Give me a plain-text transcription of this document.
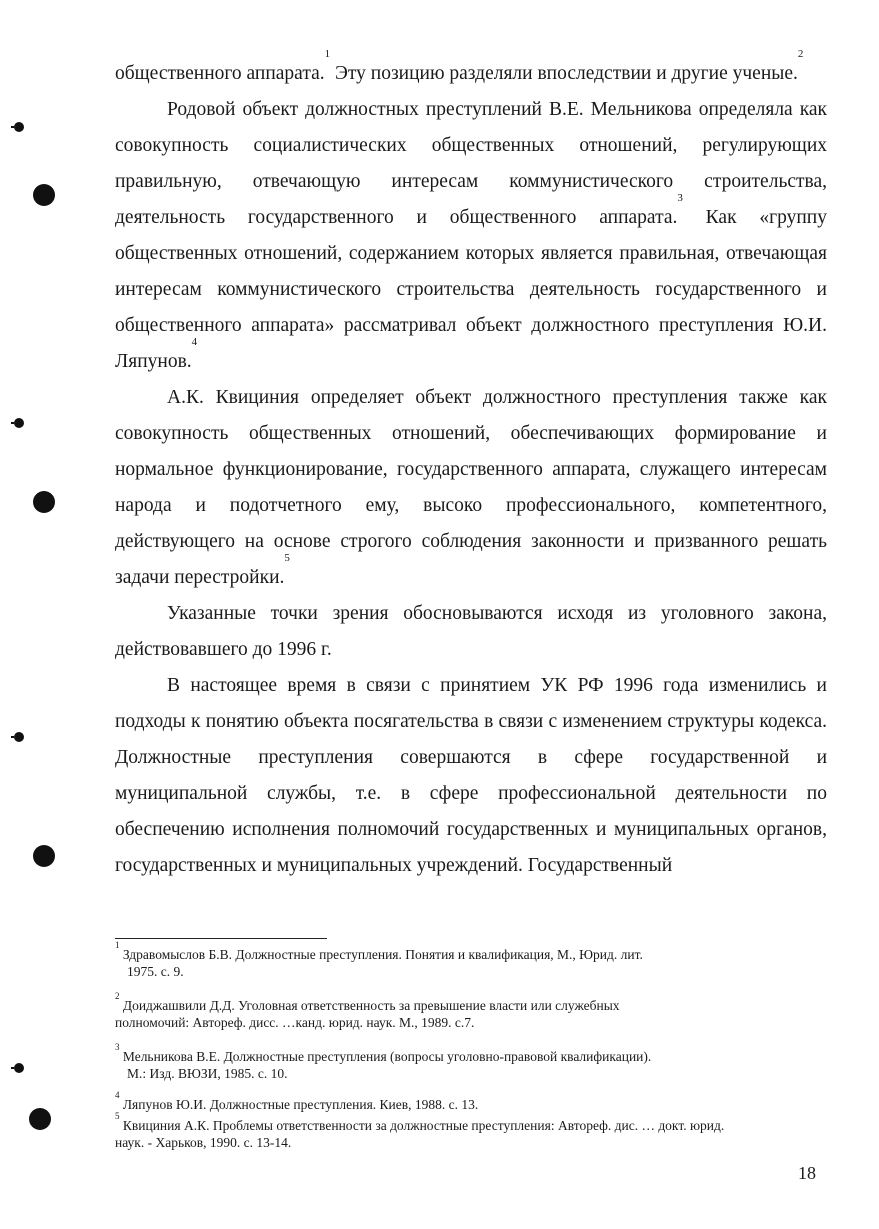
общественного аппарата.$^1$ Эту позицию разделяли впоследствии и другие ученые.$^2$

Родовой объект должностных преступлений В.Е. Мельникова определяла как совокупность социалистических общественных отношений, регулирующих правильную, отвечающую интересам коммунистического строительства, деятельность государственного и общественного аппарата.$^3$ Как «группу общественных отношений, содержанием которых является правильная, отвечающая интересам коммунистического строительства деятельность государственного и общественного аппарата» рассматривал объект должностного преступления Ю.И. Ляпунов.$^4$

А.К. Квициния определяет объект должностного преступления также как совокупность общественных отношений, обеспечивающих формирование и нормальное функционирование, государственного аппарата, служащего интересам народа и подотчетного ему, высоко профессионального, компетентного, действующего на основе строгого соблюдения законности и призванного решать задачи перестройки.$^5$

Указанные точки зрения обосновываются исходя из уголовного закона, действовавшего до 1996 г.

В настоящее время в связи с принятием УК РФ 1996 года изменились и подходы к понятию объекта посягательства в связи с изменением структуры кодекса. Должностные преступления совершаются в сфере государственной и муниципальной службы, т.е. в сфере профессиональной деятельности по обеспечению исполнения полномочий государственных и муниципальных органов, государственных и муниципальных учреждений. Государственный

$^1$ Здравомыслов Б.В. Должностные преступления. Понятия и квалификация, М., Юрид. лит.
1975. с. 9.

$^2$ Доиджашвили Д.Д. Уголовная ответственность за превышение власти или служебных
полномочий: Автореф. дисс. …канд. юрид. наук. М., 1989. с.7.

$^3$ Мельникова В.Е. Должностные преступления (вопросы уголовно-правовой квалификации).
М.: Изд. ВЮЗИ, 1985. с. 10.

$^4$ Ляпунов Ю.И. Должностные преступления. Киев, 1988. с. 13.

$^5$ Квициния А.К. Проблемы ответственности за должностные преступления: Автореф. дис. … докт. юрид.
наук. - Харьков, 1990. с. 13-14.

18
